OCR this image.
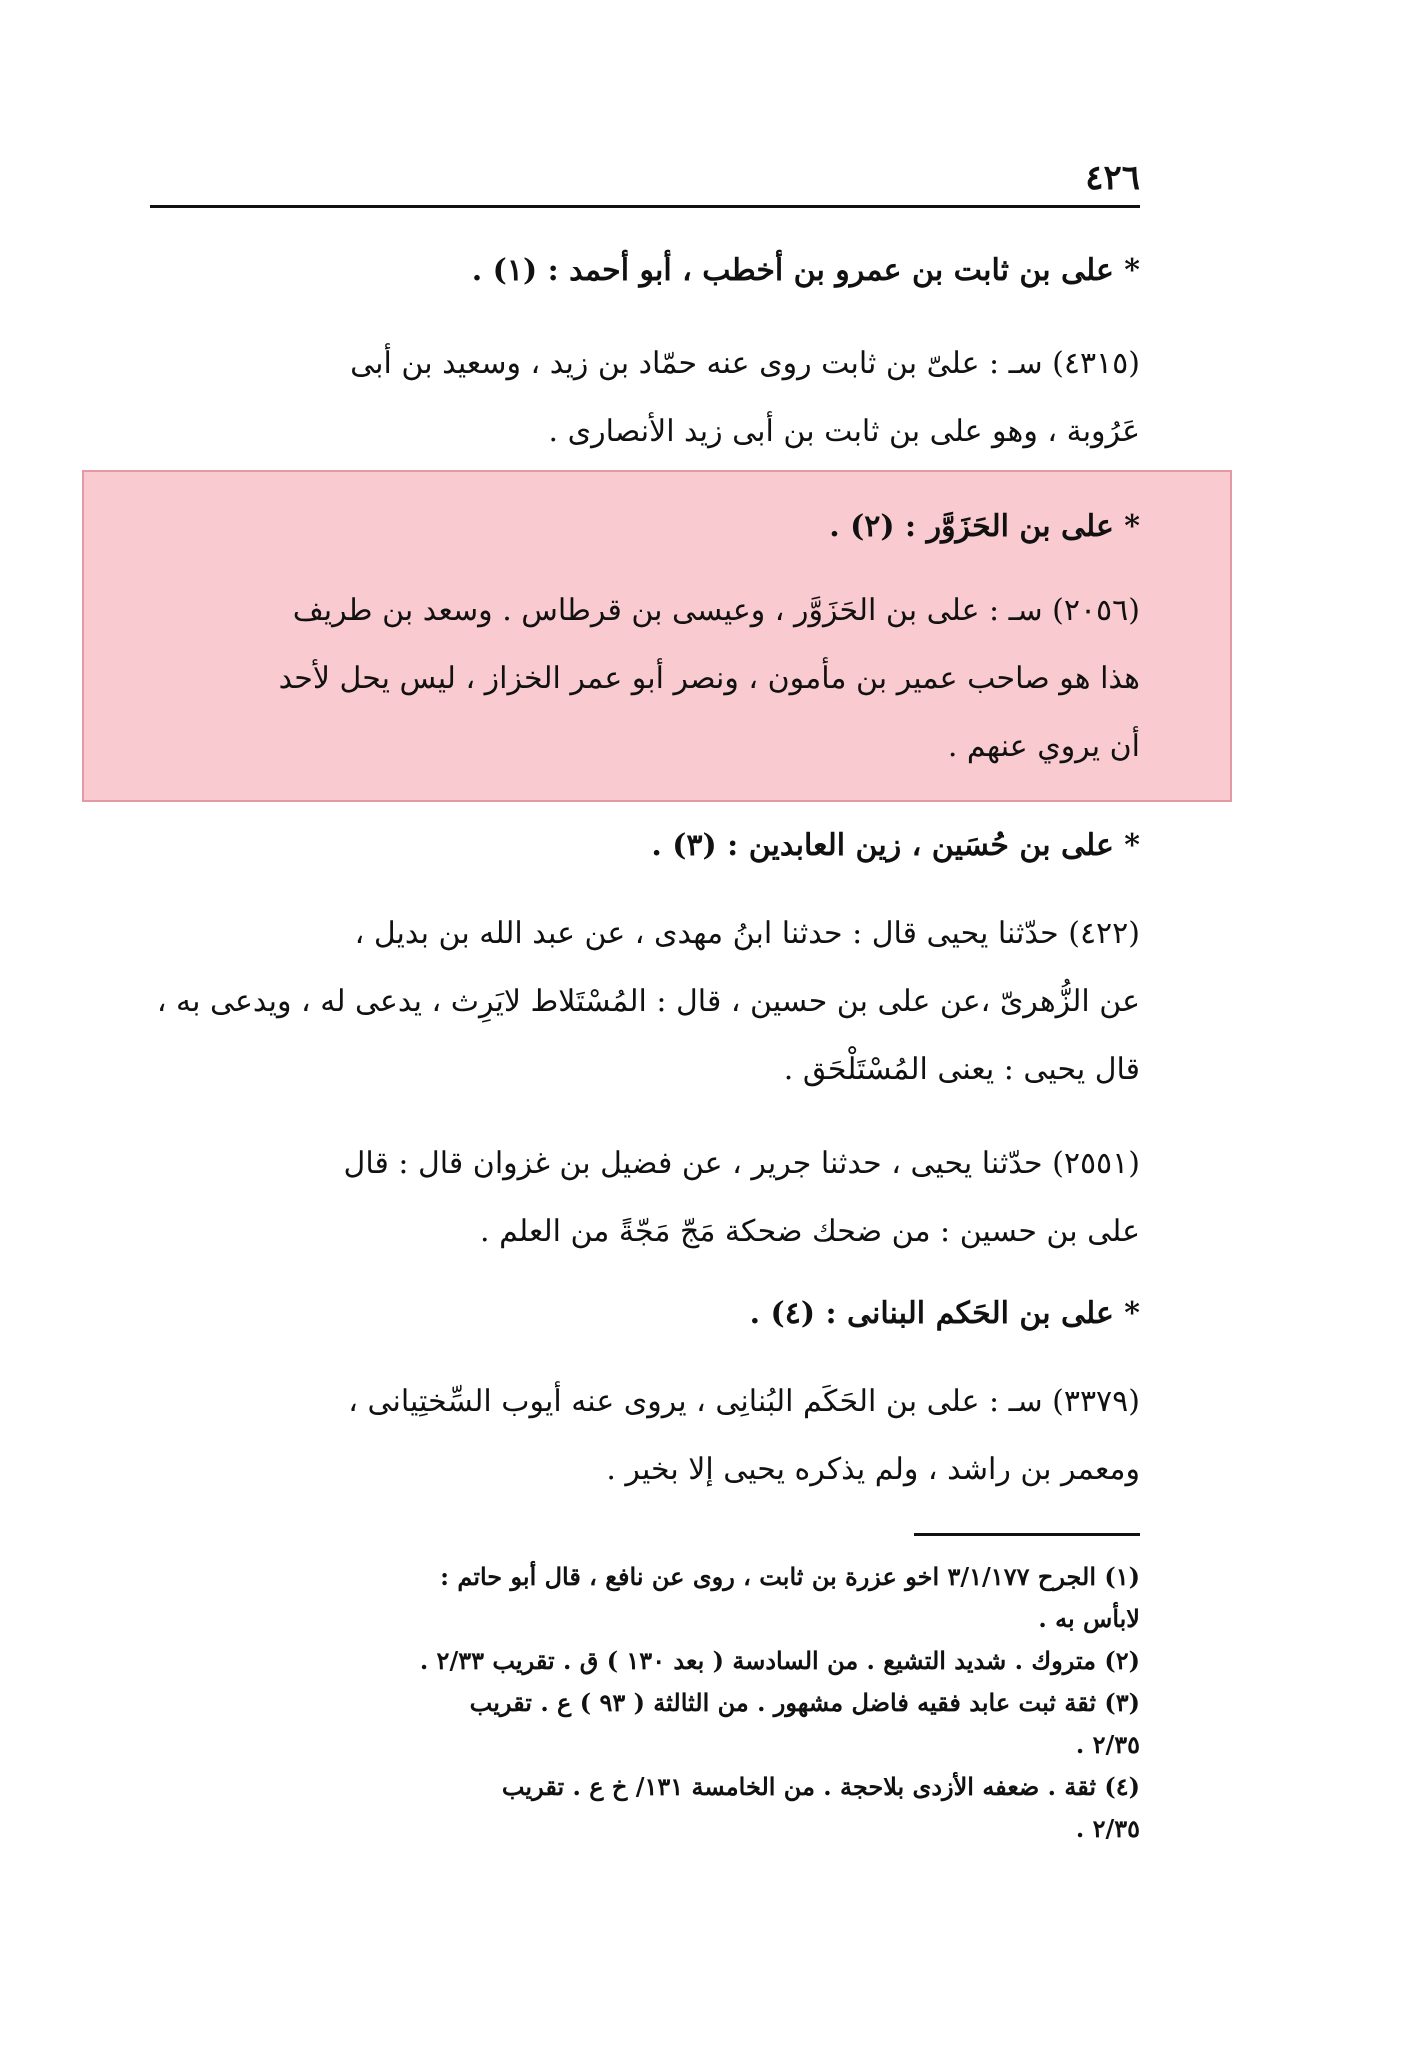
٤٢٦
* على بن ثابت بن عمرو بن أخطب ، أبو أحمد : (١) .
(٤٣١٥) سـ : علىّ بن ثابت روى عنه حمّاد بن زيد ، وسعيد بن أبى
عَرُوبة ، وهو على بن ثابت بن أبى زيد الأنصارى .
* على بن الحَزَوَّر : (٢) .
(٢٠٥٦) سـ : على بن الحَزَوَّر ، وعيسى بن قرطاس . وسعد بن طريف
هذا هو صاحب عمير بن مأمون ، ونصر أبو عمر الخزاز ، ليس يحل لأحد
أن يروي عنهم .
* على بن حُسَين ، زين العابدين : (٣) .
(٤٢٢) حدّثنا يحيى قال : حدثنا ابنُ مهدى ، عن عبد الله بن بديل ،
عن الزُّهرىّ ،عن على بن حسين ، قال : المُسْتَلاط لايَرِث ، يدعى له ، ويدعى به ،
قال يحيى : يعنى المُسْتَلْحَق .
(٢٥٥١) حدّثنا يحيى ، حدثنا جرير ، عن فضيل بن غزوان قال : قال
على بن حسين : من ضحك ضحكة مَجّ مَجّةً من العلم .
* على بن الحَكم البنانى : (٤) .
(٣٣٧٩) سـ : على بن الحَكَم البُنانِى ، يروى عنه أيوب السِّختِيانى ،
ومعمر بن راشد ، ولم يذكره يحيى إلا بخير .
(١) الجرح ٣/١/١٧٧ اخو عزرة بن ثابت ، روى عن نافع ، قال أبو حاتم :
لابأس به .
(٢) متروك . شديد التشيع . من السادسة ( بعد ١٣٠ ) ق . تقريب ٢/٣٣ .
(٣) ثقة ثبت عابد فقيه فاضل مشهور . من الثالثة ( ٩٣ ) ع . تقريب
٢/٣٥ .
(٤) ثقة . ضعفه الأزدى بلاحجة . من الخامسة ١٣١/ خ ع . تقريب
٢/٣٥ .
